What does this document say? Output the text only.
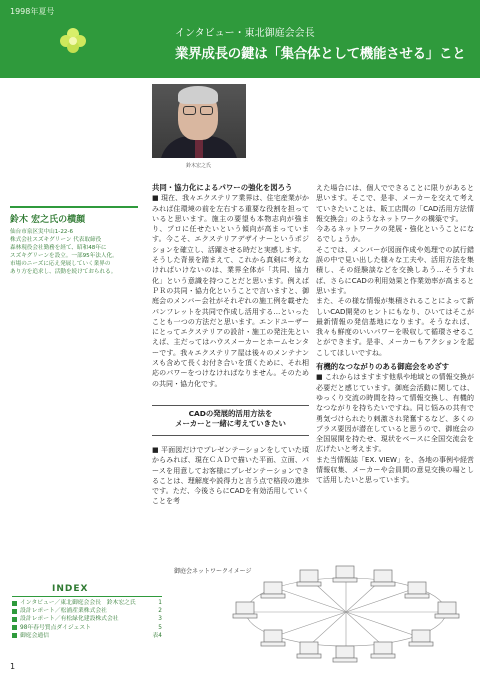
1998年夏号
インタビュー・東北御庭会会長
業界成長の鍵は「集合体として機能させる」こと
鈴木 宏之氏の横顔
仙台市泉区実中山1-22-6
株式会社スズキグリーン 代表取締役
森林現役会社勤務を経て、昭和48年に
スズキグリーンを設立。一部95年法人化。
市場のニーズに応え発展していく業界の
あり方を追求し、活動を続けておられる。
鈴木宏之氏
共同・協力化によるパワーの強化を図ろう

■ 現在、我々エクステリア業界は、住宅産業がかみれば住環境の前を左右する重要な役割を担っていると思います。施主の要望も本物志向が強まり、プロに任せたいという傾向が高まっています。今こそ、エクステリアデザイナーというポジションを確立し、活躍させる時だと実感します。

そうした背景を踏まえて、これから真剣に考えなければいけないのは、業界全体が「共同、協力化」という意識を持つことだと思います。例えばＰＲの共同・協力化ということで言いますと、御庭会のメンバー会社がそれぞれの施工例を載せたパンフレットを共同で作成し活用する…といったことも一つの方法だと思います。エンドユーザーにとってエクステリアの設計・施工の発注先といえば、主だってはハウスメーカーとホームセンターです。我々エクステリア屋は後々のメンテナンスも含めて長くお付き合いを頂くために、それ相応のパワーをつけなければなりません。そのための共同・協力化です。

CADの発展的活用方法を
メーカーと一緒に考えていきたい

■ 平面図だけでプレゼンテーションをしていた頃からみれば、現在ＣＡＤで描いた平面、立面、パースを用意してお客様にプレゼンテーションできることは、理解度や説得力と言う点で格段の進歩です。ただ、今後さらにCADを有効活用していくことを考

えた場合には、個人でできることに限りがあると思います。そこで、是非、メーカーを交えて考えていきたいことは、販工店間の「CAD活用方法情報交換会」のようなネットワークの構築です。

今あるネットワークの発展・強化ということになるでしょうか。

そこでは、メンバーが図面作成や処理での試行錯誤の中で見い出した様々な工夫や、活用方法を集積し、その経験談などを交換しあう…そうすれば、さらにCADの利用効果と作業効率が高まると思います。

また、その様な情報が集積されることによって新しいCAD開発のヒントにもなり、ひいてはそこが最新情報の発信基地になります。そうなれば、我々も鮮度のいいパワーを吸収して循環させることができます。是非、メーカーもアクションを起こしてほしいですね。

有機的なつながりのある御庭会をめざす

■ これからはますます他県や地域との情報交換が必要だと感じています。御庭会活動に関しては、ゆっくり交流の時間を持って情報交換し、有機的なつながりを持ちたいですね。同じ悩みの共有で勇気づけられたり刺激され発奮するなど、多くのプラス要因が潜在していると思うので、御庭会の全国展開を持たせ、現状をベースに全国交流会を広げたいと考えます。

また当情報誌「EX. VIEW」を、各地の事例や経営情報収集、メーカーや会員間の意見交換の場として活用したいと思っています。

御庭会ネットワークイメージ
INDEX
インタビュー／東北御庭会会長　鈴木宏之氏	1
設計レポート／松浦産業株式会社	2
設計レポート／有松緑化建設株式会社	3
98年春号質点ダイジェスト	5
御庭会通信	表4
1
